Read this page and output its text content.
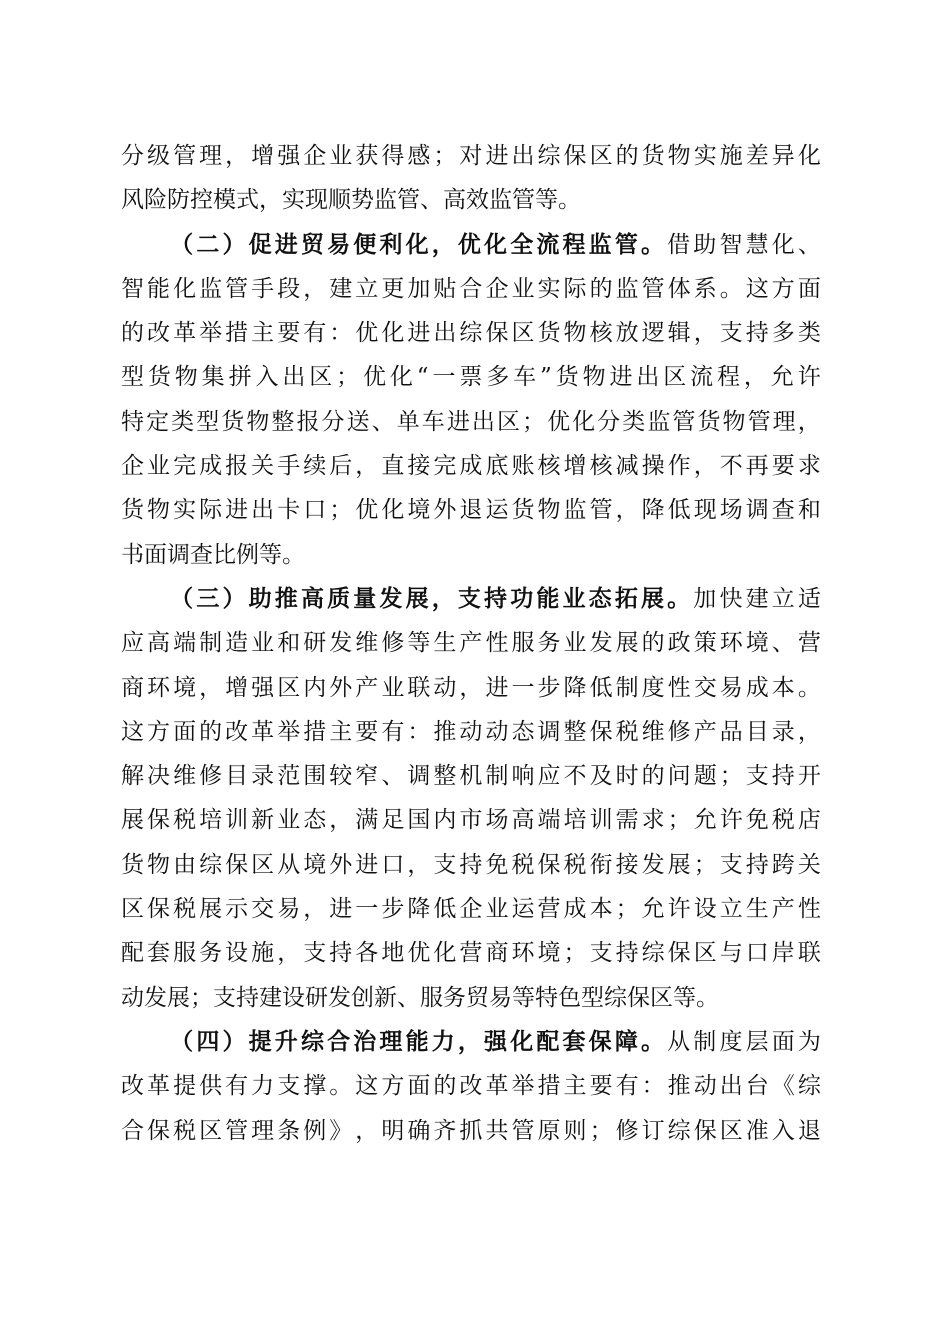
分 级 管 理 ， 增 强 企 业 获 得 感 ； 对 进 出 综 保 区 的 货 物 实 施 差 异 化
风 险 防 控 模 式 ， 实 现 顺 势 监 管 、 高 效 监 管 等 。
（ 二 ） 促 进 贸 易 便 利 化 ， 优 化 全 流 程 监 管 。 借 助 智 慧 化 、
智 能 化 监 管 手 段 ， 建 立 更 加 贴 合 企 业 实 际 的 监 管 体 系 。 这 方 面
的 改 革 举 措 主 要 有 ： 优 化 进 出 综 保 区 货 物 核 放 逻 辑 ， 支 持 多 类
型 货 物 集 拼 入 出 区 ； 优 化 “ 一 票 多 车 ” 货 物 进 出 区 流 程 ， 允 许
特 定 类 型 货 物 整 报 分 送 、 单 车 进 出 区 ； 优 化 分 类 监 管 货 物 管 理 ，
企 业 完 成 报 关 手 续 后 ， 直 接 完 成 底 账 核 增 核 减 操 作 ， 不 再 要 求
货 物 实 际 进 出 卡 口 ； 优 化 境 外 退 运 货 物 监 管 ， 降 低 现 场 调 查 和
书 面 调 查 比 例 等 。
（ 三 ） 助 推 高 质 量 发 展 ， 支 持 功 能 业 态 拓 展 。 加 快 建 立 适
应 高 端 制 造 业 和 研 发 维 修 等 生 产 性 服 务 业 发 展 的 政 策 环 境 、 营
商 环 境 ， 增 强 区 内 外 产 业 联 动 ， 进 一 步 降 低 制 度 性 交 易 成 本 。
这 方 面 的 改 革 举 措 主 要 有 ： 推 动 动 态 调 整 保 税 维 修 产 品 目 录 ，
解 决 维 修 目 录 范 围 较 窄 、 调 整 机 制 响 应 不 及 时 的 问 题 ； 支 持 开
展 保 税 培 训 新 业 态 ， 满 足 国 内 市 场 高 端 培 训 需 求 ； 允 许 免 税 店
货 物 由 综 保 区 从 境 外 进 口 ， 支 持 免 税 保 税 衔 接 发 展 ； 支 持 跨 关
区 保 税 展 示 交 易 ， 进 一 步 降 低 企 业 运 营 成 本 ； 允 许 设 立 生 产 性
配 套 服 务 设 施 ， 支 持 各 地 优 化 营 商 环 境 ； 支 持 综 保 区 与 口 岸 联
动 发 展 ； 支 持 建 设 研 发 创 新 、 服 务 贸 易 等 特 色 型 综 保 区 等 。
（ 四 ） 提 升 综 合 治 理 能 力 ， 强 化 配 套 保 障 。 从 制 度 层 面 为
改 革 提 供 有 力 支 撑 。 这 方 面 的 改 革 举 措 主 要 有 ： 推 动 出 台 《 综
合 保 税 区 管 理 条 例 》 ， 明 确 齐 抓 共 管 原 则 ； 修 订 综 保 区 准 入 退
